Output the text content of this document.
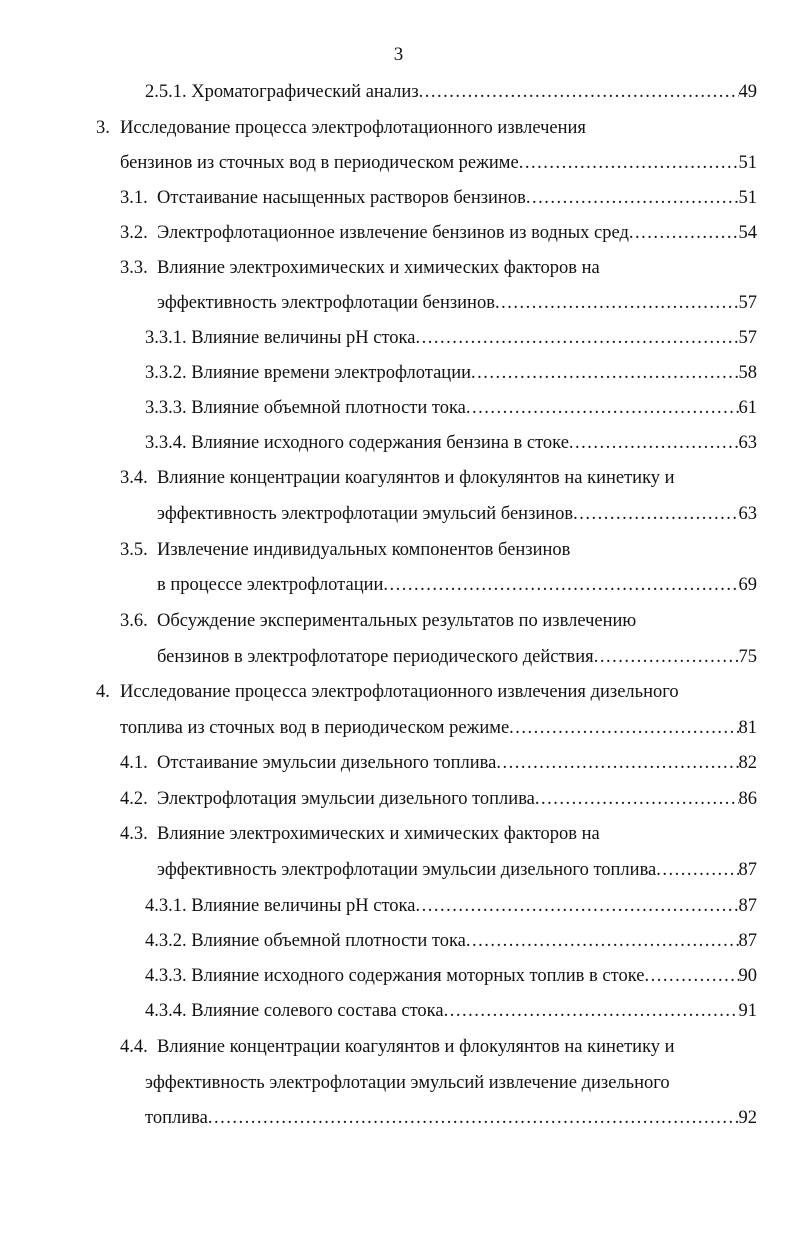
3
2.5.1. Хроматографический анализ .....	49
3. Исследование процесса электрофлотационного извлечения
бензинов из сточных вод в периодическом режиме .....	51
3.1. Отстаивание насыщенных растворов бензинов .....	51
3.2. Электрофлотационное извлечение бензинов из водных сред .....	54
3.3. Влияние электрохимических и химических факторов на
эффективность электрофлотации бензинов .....	57
3.3.1. Влияние величины pH стока .....	57
3.3.2. Влияние времени электрофлотации .....	58
3.3.3. Влияние объемной плотности тока .....	61
3.3.4. Влияние исходного содержания бензина в стоке .....	63
3.4. Влияние концентрации коагулянтов и флокулянтов на кинетику и
эффективность электрофлотации эмульсий бензинов .....	63
3.5. Извлечение индивидуальных компонентов бензинов
в процессе электрофлотации .....	69
3.6. Обсуждение экспериментальных результатов по извлечению
бензинов в электрофлотаторе периодического действия .....	75
4. Исследование процесса электрофлотационного извлечения дизельного
топлива из сточных вод в периодическом режиме .....	81
4.1. Отстаивание эмульсии дизельного топлива .....	82
4.2. Электрофлотация эмульсии дизельного топлива .....	86
4.3. Влияние электрохимических и химических факторов на
эффективность электрофлотации эмульсии дизельного топлива .....	87
4.3.1. Влияние величины pH стока .....	87
4.3.2. Влияние объемной плотности тока .....	87
4.3.3. Влияние исходного содержания моторных топлив в стоке .....	90
4.3.4. Влияние солевого состава стока .....	91
4.4. Влияние концентрации коагулянтов и флокулянтов на кинетику и
эффективность электрофлотации эмульсий извлечение дизельного
топлива .....	92
